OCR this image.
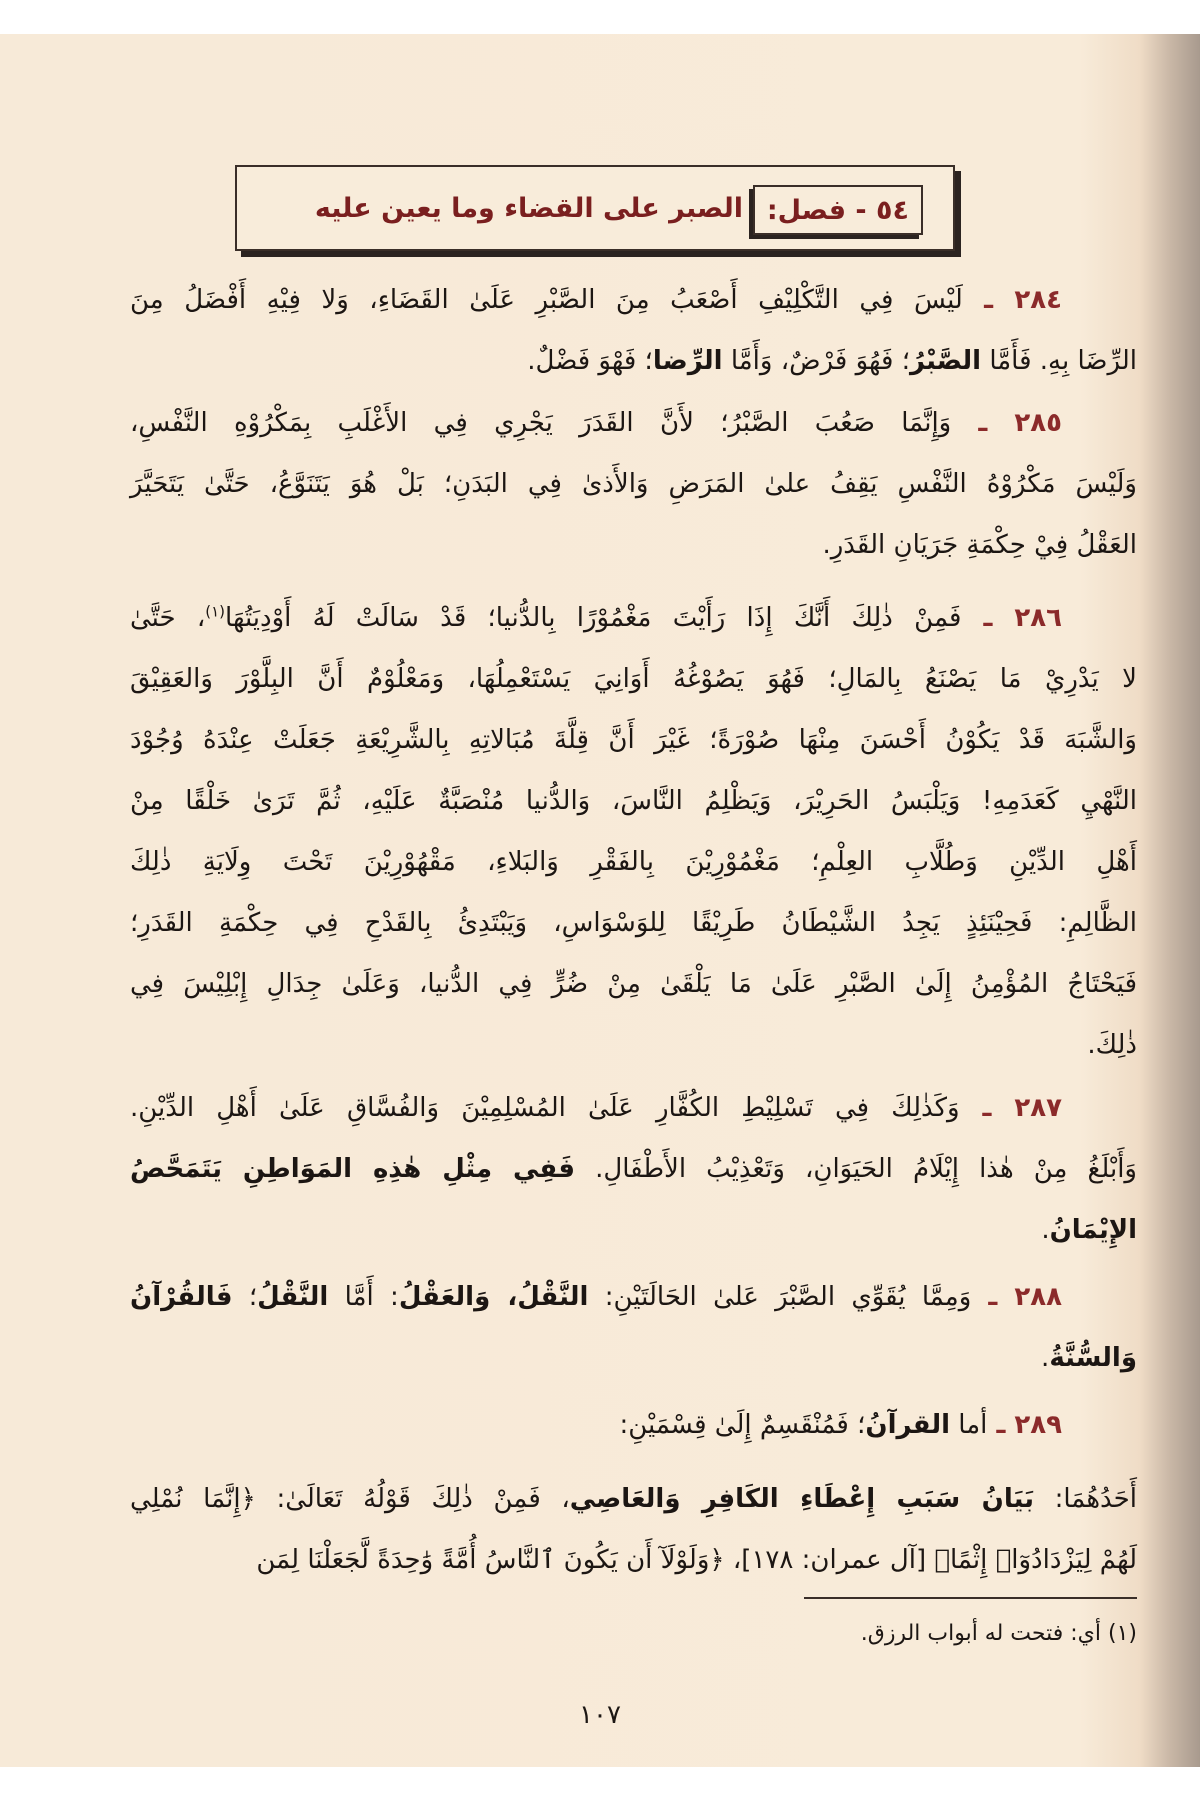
٥٤ - فصل:
الصبر على القضاء وما يعين عليه
٢٨٤ ـ لَيْسَ فِي التَّكْلِيْفِ أَصْعَبُ مِنَ الصَّبْرِ عَلَىٰ القَضَاءِ، وَلا فِيْهِ أَفْضَلُ مِنَ
الرِّضَا بِهِ. فَأَمَّا الصَّبْرُ؛ فَهُوَ فَرْضٌ، وَأَمَّا الرِّضا؛ فَهْوَ فَضْلٌ.
٢٨٥ ـ وَإِنَّمَا صَعُبَ الصَّبْرُ؛ لأَنَّ القَدَرَ يَجْرِي فِي الأَغْلَبِ بِمَكْرُوْهِ النَّفْسِ،
وَلَيْسَ مَكْرُوْهُ النَّفْسِ يَقِفُ علىٰ المَرَضِ وَالأَذىٰ فِي البَدَنِ؛ بَلْ هُوَ يَتَنَوَّعُ، حَتَّىٰ يَتَحَيَّرَ
العَقْلُ فِيْ حِكْمَةِ جَرَيَانِ القَدَرِ.
٢٨٦ ـ فَمِنْ ذٰلِكَ أَنَّكَ إِذَا رَأَيْتَ مَغْمُوْرًا بِالدُّنيا؛ قَدْ سَالَتْ لَهُ أَوْدِيَتُهَا$^{(١)}$، حَتَّىٰ
لا يَدْرِيْ مَا يَصْنَعُ بِالمَالِ؛ فَهُوَ يَصُوْغُهُ أَوَانِيَ يَسْتَعْمِلُهَا، وَمَعْلُوْمٌ أَنَّ البِلَّوْرَ وَالعَقِيْقَ
وَالشَّبَهَ قَدْ يَكُوْنُ أَحْسَنَ مِنْهَا صُوْرَةً؛ غَيْرَ أَنَّ قِلَّةَ مُبَالاتِهِ بِالشَّرِيْعَةِ جَعَلَتْ عِنْدَهُ وُجُوْدَ
النَّهْيِ كَعَدَمِهِ! وَيَلْبَسُ الحَرِيْرَ، وَيَظْلِمُ النَّاسَ، وَالدُّنيا مُنْصَبَّةٌ عَلَيْهِ، ثُمَّ تَرَىٰ خَلْقًا مِنْ
أَهْلِ الدِّيْنِ وَطُلَّابِ العِلْمِ؛ مَغْمُوْرِيْنَ بِالفَقْرِ وَالبَلاءِ، مَقْهُوْرِيْنَ تَحْتَ وِلَايَةِ ذٰلِكَ
الظَّالِمِ: فَحِيْنَئِذٍ يَجِدُ الشَّيْطَانُ طَرِيْقًا لِلوَسْوَاسِ، وَيَبْتَدِئُ بِالقَدْحِ فِي حِكْمَةِ القَدَرِ؛
فَيَحْتَاجُ المُؤْمِنُ إِلَىٰ الصَّبْرِ عَلَىٰ مَا يَلْقَىٰ مِنْ ضُرٍّ فِي الدُّنيا، وَعَلَىٰ جِدَالِ إِبْلِيْسَ فِي
ذٰلِكَ.
٢٨٧ ـ وَكَذٰلِكَ فِي تَسْلِيْطِ الكُفَّارِ عَلَىٰ المُسْلِمِيْنَ وَالفُسَّاقِ عَلَىٰ أَهْلِ الدِّيْنِ.
وَأَبْلَغُ مِنْ هٰذا إِيْلَامُ الحَيَوَانِ، وَتَعْذِيْبُ الأَطْفَالِ. فَفِي مِثْلِ هٰذِهِ المَوَاطِنِ يَتَمَحَّصُ
الإِيْمَانُ.
٢٨٨ ـ وَمِمَّا يُقَوِّي الصَّبْرَ عَلىٰ الحَالَتَيْنِ: النَّقْلُ، وَالعَقْلُ: أَمَّا النَّقْلُ؛ فَالقُرْآنُ
وَالسُّنَّةُ.
٢٨٩ ـ أما القرآنُ؛ فَمُنْقَسِمٌ إِلَىٰ قِسْمَيْنِ:
أَحَدُهُمَا: بَيَانُ سَبَبِ إِعْطَاءِ الكَافِرِ وَالعَاصِي، فَمِنْ ذٰلِكَ قَوْلُهُ تَعَالَىٰ: ﴿إِنَّمَا نُمْلِي
لَهُمْ لِيَزْدَادُوٓا۟ إِثْمًا﴾ [آل عمران: ١٧٨]، ﴿وَلَوْلَآ أَن يَكُونَ ٱلنَّاسُ أُمَّةً وَٰحِدَةً لَّجَعَلْنَا لِمَن
(١) أي: فتحت له أبواب الرزق.
١٠٧
